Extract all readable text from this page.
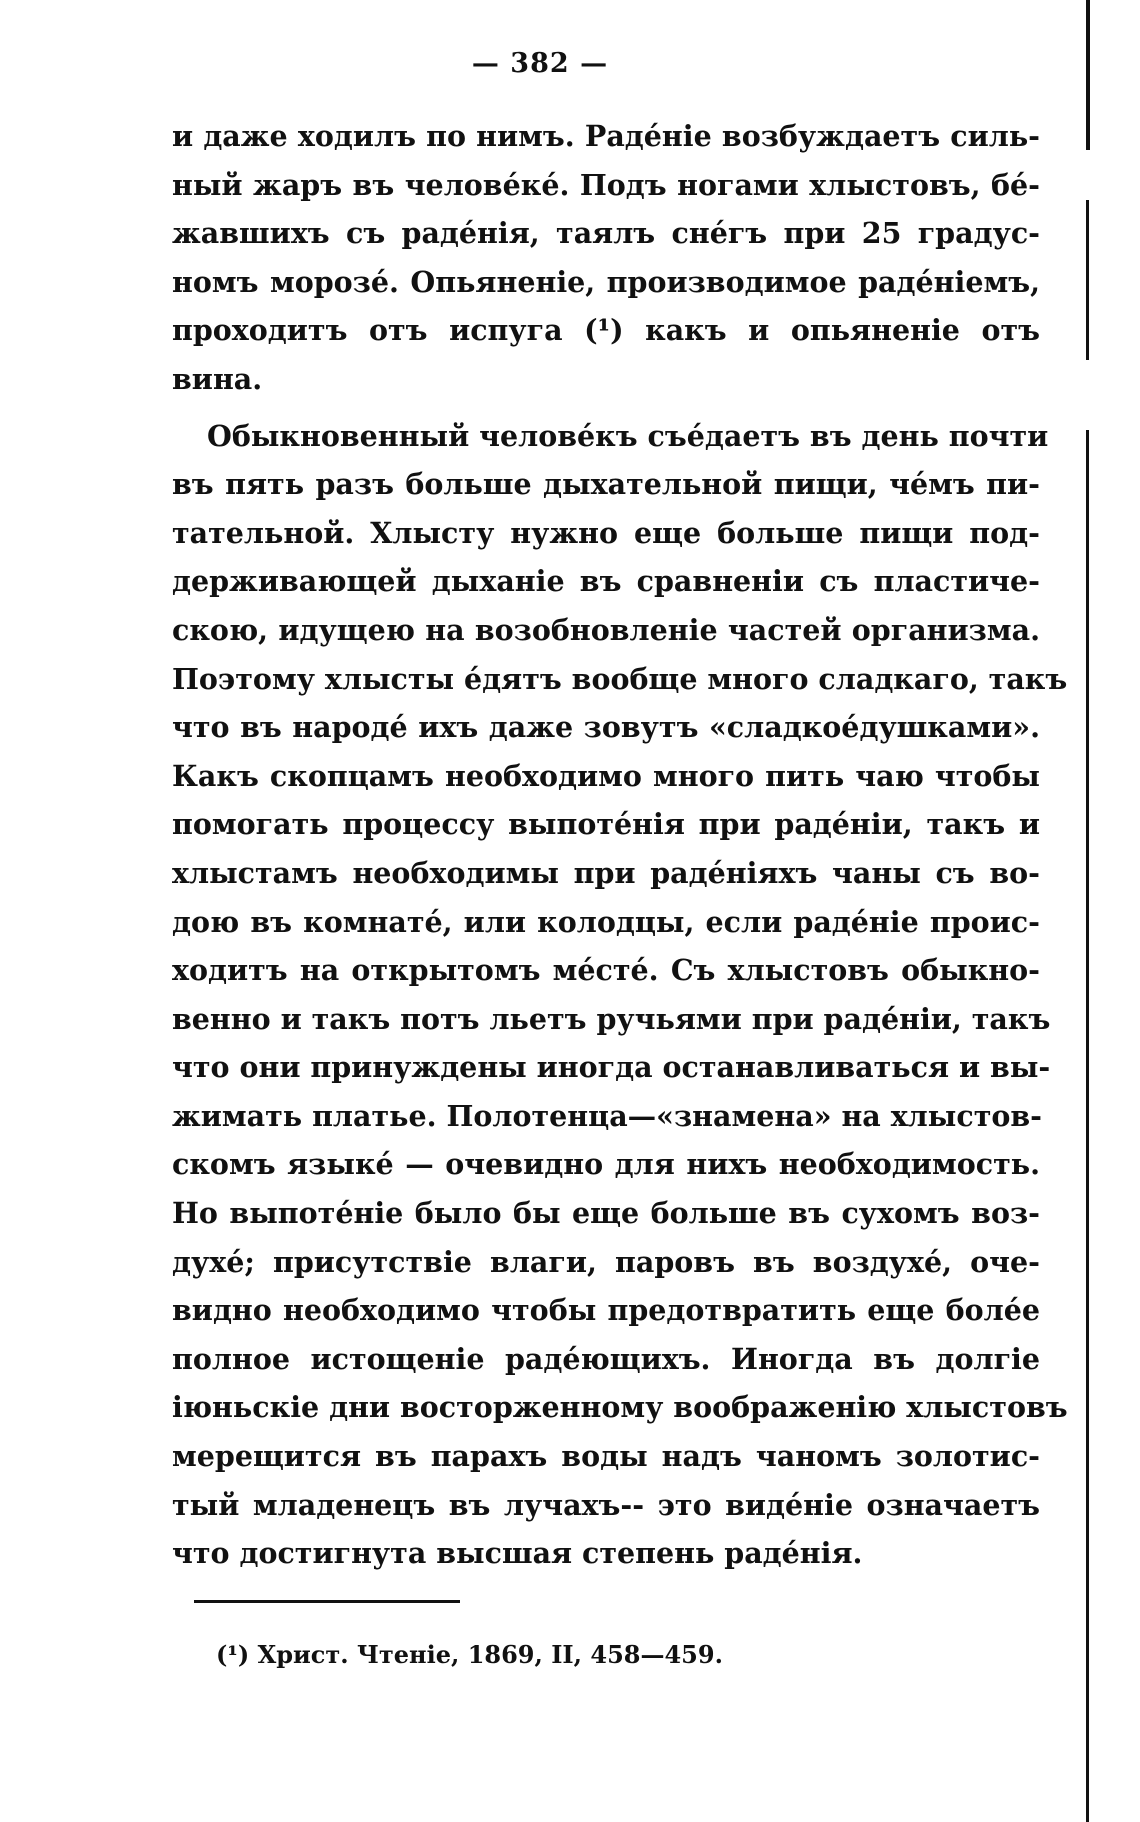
— 382 —
и даже ходилъ по нимъ. Раде́ніе возбуждаетъ силь-
ный жаръ въ челове́ке́. Подъ ногами хлыстовъ, бе́-
жавшихъ съ раде́нія, таялъ сне́гъ при 25 градус-
номъ морозе́. Опьяненіе, производимое раде́ніемъ,
проходитъ отъ испуга (¹) какъ и опьяненіе отъ
вина.
Обыкновенный челове́къ съе́даетъ въ день почти
въ пять разъ больше дыхательной пищи, че́мъ пи-
тательной. Хлысту нужно еще больше пищи под-
держивающей дыханіе въ сравненіи съ пластиче-
скою, идущею на возобновленіе частей организма.
Поэтому хлысты е́дятъ вообще много сладкаго, такъ
что въ народе́ ихъ даже зовутъ «сладкое́душками».
Какъ скопцамъ необходимо много пить чаю чтобы
помогать процессу выпоте́нія при раде́ніи, такъ и
хлыстамъ необходимы при раде́ніяхъ чаны съ во-
дою въ комнате́, или колодцы, если раде́ніе проис-
ходитъ на открытомъ ме́сте́. Съ хлыстовъ обыкно-
венно и такъ потъ льетъ ручьями при раде́ніи, такъ
что они принуждены иногда останавливаться и вы-
жимать платье. Полотенца—«знамена» на хлыстов-
скомъ языке́ — очевидно для нихъ необходимость.
Но выпоте́ніе было бы еще больше въ сухомъ воз-
духе́; присутствіе влаги, паровъ въ воздухе́, оче-
видно необходимо чтобы предотвратить еще боле́е
полное истощеніе раде́ющихъ. Иногда въ долгіе
іюньскіе дни восторженному воображенію хлыстовъ
мерещится въ парахъ воды надъ чаномъ золотис-
тый младенецъ въ лучахъ-- это виде́ніе означаетъ
что достигнута высшая степень раде́нія.
(¹) Христ. Чтеніе, 1869, II, 458—459.
